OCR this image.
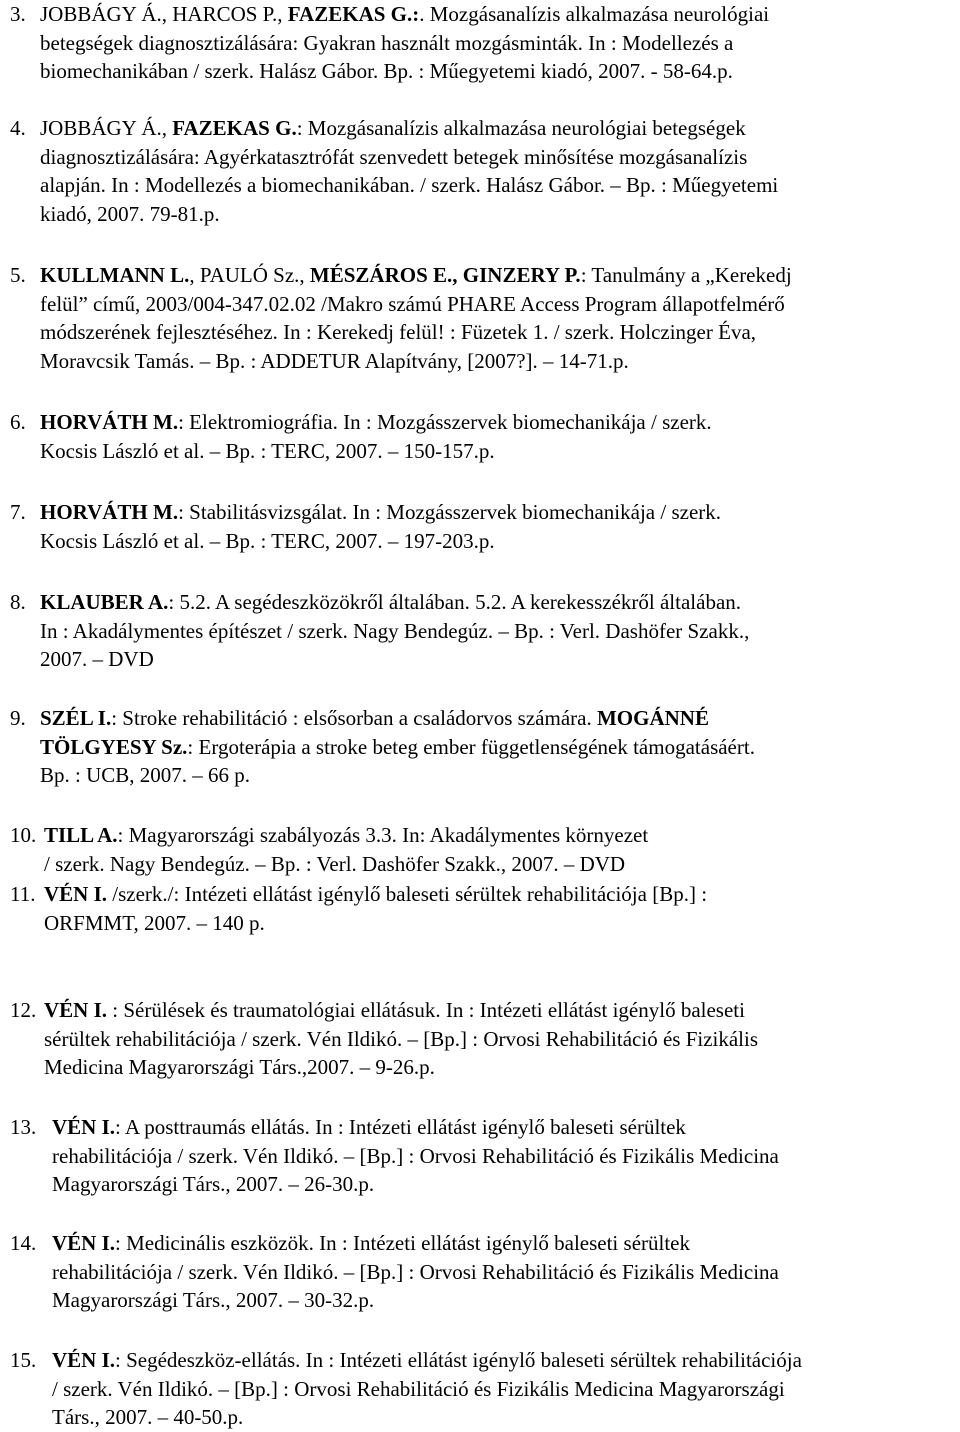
3. JOBBÁGY Á., HARCOS P., FAZEKAS G.:. Mozgásanalízis alkalmazása neurológiai
betegségek diagnosztizálására: Gyakran használt mozgásminták. In : Modellezés a
biomechanikában / szerk. Halász Gábor. Bp. : Műegyetemi kiadó, 2007. - 58-64.p.
4. JOBBÁGY Á., FAZEKAS G.: Mozgásanalízis alkalmazása neurológiai betegségek
diagnosztizálására: Agyérkatasztrófát szenvedett betegek minősítése mozgásanalízis
alapján. In : Modellezés a biomechanikában. / szerk. Halász Gábor. – Bp. : Műegyetemi
kiadó, 2007. 79-81.p.
5. KULLMANN L., PAULÓ Sz., MÉSZÁROS E., GINZERY P.: Tanulmány a „Kerekedj
felül” című, 2003/004-347.02.02 /Makro számú PHARE Access Program állapotfelmérő
módszerének fejlesztéséhez. In : Kerekedj felül! : Füzetek 1. / szerk. Holczinger Éva,
Moravcsik Tamás. – Bp. : ADDETUR Alapítvány, [2007?]. – 14-71.p.
6. HORVÁTH M.: Elektromiográfia. In : Mozgásszervek biomechanikája / szerk.
Kocsis László et al. – Bp. : TERC, 2007. – 150-157.p.
7. HORVÁTH M.: Stabilitásvizsgálat. In : Mozgásszervek biomechanikája / szerk.
Kocsis László et al. – Bp. : TERC, 2007. – 197-203.p.
8. KLAUBER A.: 5.2. A segédeszközökről általában. 5.2. A kerekesszékről általában.
In : Akadálymentes építészet / szerk. Nagy Bendegúz. – Bp. : Verl. Dashöfer Szakk.,
2007. – DVD
9. SZÉL I.: Stroke rehabilitáció : elsősorban a családorvos számára. MOGÁNNÉ
TÖLGYESY Sz.: Ergoterápia a stroke beteg ember függetlenségének támogatásáért.
Bp. : UCB, 2007. – 66 p.
10. TILL A.: Magyarországi szabályozás 3.3. In: Akadálymentes környezet
/ szerk. Nagy Bendegúz. – Bp. : Verl. Dashöfer Szakk., 2007. – DVD
11. VÉN I. /szerk./: Intézeti ellátást igénylő baleseti sérültek rehabilitációja [Bp.] :
ORFMMT, 2007. – 140 p.
12. VÉN I. : Sérülések és traumatológiai ellátásuk. In : Intézeti ellátást igénylő baleseti
sérültek rehabilitációja / szerk. Vén Ildikó. – [Bp.] : Orvosi Rehabilitáció és Fizikális
Medicina Magyarországi Társ.,2007. – 9-26.p.
13. VÉN I.: A posttraumás ellátás. In : Intézeti ellátást igénylő baleseti sérültek
rehabilitációja / szerk. Vén Ildikó. – [Bp.] : Orvosi Rehabilitáció és Fizikális Medicina
Magyarországi Társ., 2007. – 26-30.p.
14. VÉN I.: Medicinális eszközök. In : Intézeti ellátást igénylő baleseti sérültek
rehabilitációja / szerk. Vén Ildikó. – [Bp.] : Orvosi Rehabilitáció és Fizikális Medicina
Magyarországi Társ., 2007. – 30-32.p.
15. VÉN I.: Segédeszköz-ellátás. In : Intézeti ellátást igénylő baleseti sérültek rehabilitációja
/ szerk. Vén Ildikó. – [Bp.] : Orvosi Rehabilitáció és Fizikális Medicina Magyarországi
Társ., 2007. – 40-50.p.
